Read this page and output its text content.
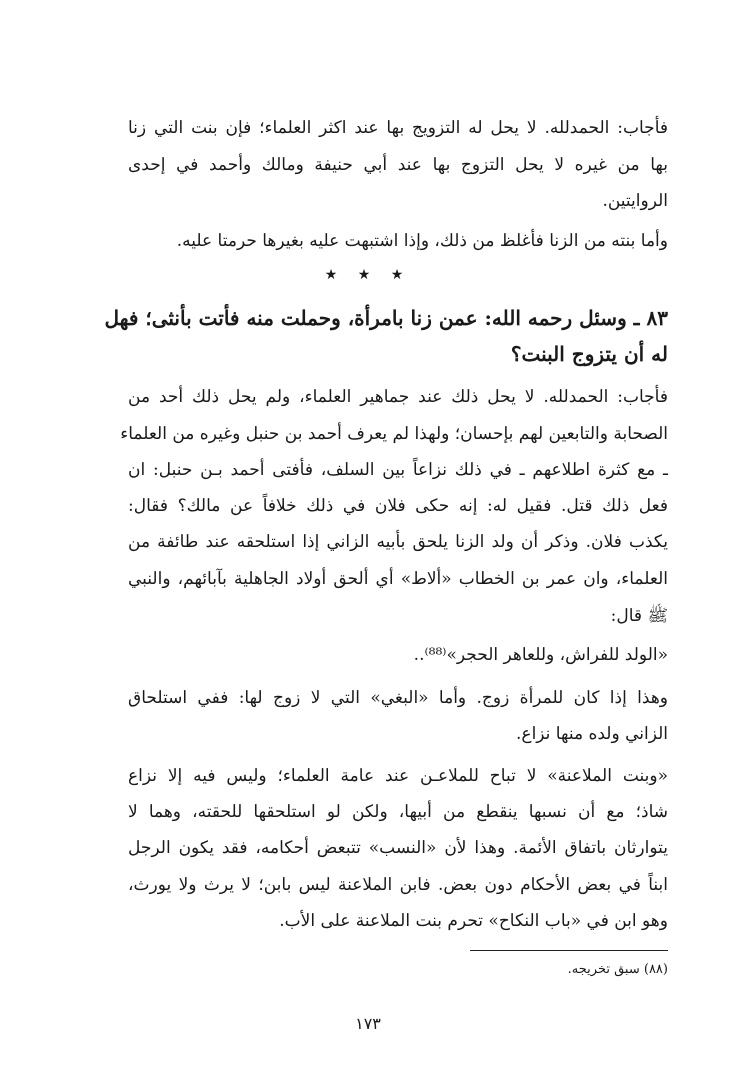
فأجاب: الحمدلله. لا يحل له التزويج بها عند اكثر العلماء؛ فإن بنت التي زنا
بها من غيره لا يحل التزوج بها عند أبي حنيفة ومالك وأحمد في إحدى
الروايتين.
وأما بنته من الزنا فأغلظ من ذلك، وإذا اشتبهت عليه بغيرها حرمتا عليه.
٨٣ ـ وسئل رحمه الله: عمن زنا بامرأة، وحملت منه فأتت بأنثى؛ فهل
له أن يتزوج البنت؟
فأجاب: الحمدلله. لا يحل ذلك عند جماهير العلماء، ولم يحل ذلك أحد من
الصحابة والتابعين لهم بإحسان؛ ولهذا لم يعرف أحمد بن حنبل وغيره من العلماء
ـ مع كثرة اطلاعهم ـ في ذلك نزاعاً بين السلف، فأفتى أحمد بـن حنبل: ان
فعل ذلك قتل. فقيل له: إنه حكى فلان في ذلك خلافاً عن مالك؟ فقال:
يكذب فلان. وذكر أن ولد الزنا يلحق بأبيه الزاني إذا استلحقه عند طائفة من
العلماء، وان عمر بن الخطاب «ألاط» أي ألحق أولاد الجاهلية بآبائهم، والنبي
ﷺ قال:
«الولد للفراش، وللعاهر الحجر»⁽⁸⁸⁾..
وهذا إذا كان للمرأة زوج. وأما «البغي» التي لا زوج لها: ففي استلحاق
الزاني ولده منها نزاع.
«وبنت الملاعنة» لا تباح للملاعـن عند عامة العلماء؛ وليس فيه إلا نزاع
شاذ؛ مع أن نسبها ينقطع من أبيها، ولكن لو استلحقها للحقته، وهما لا
يتوارثان باتفاق الأئمة. وهذا لأن «النسب» تتبعض أحكامه، فقد يكون الرجل
ابناً في بعض الأحكام دون بعض. فابن الملاعنة ليس بابن؛ لا يرث ولا يورث،
وهو ابن في «باب النكاح» تحرم بنت الملاعنة على الأب.
★ ★ ★
(٨٨) سبق تخريجه.
١٧٣
